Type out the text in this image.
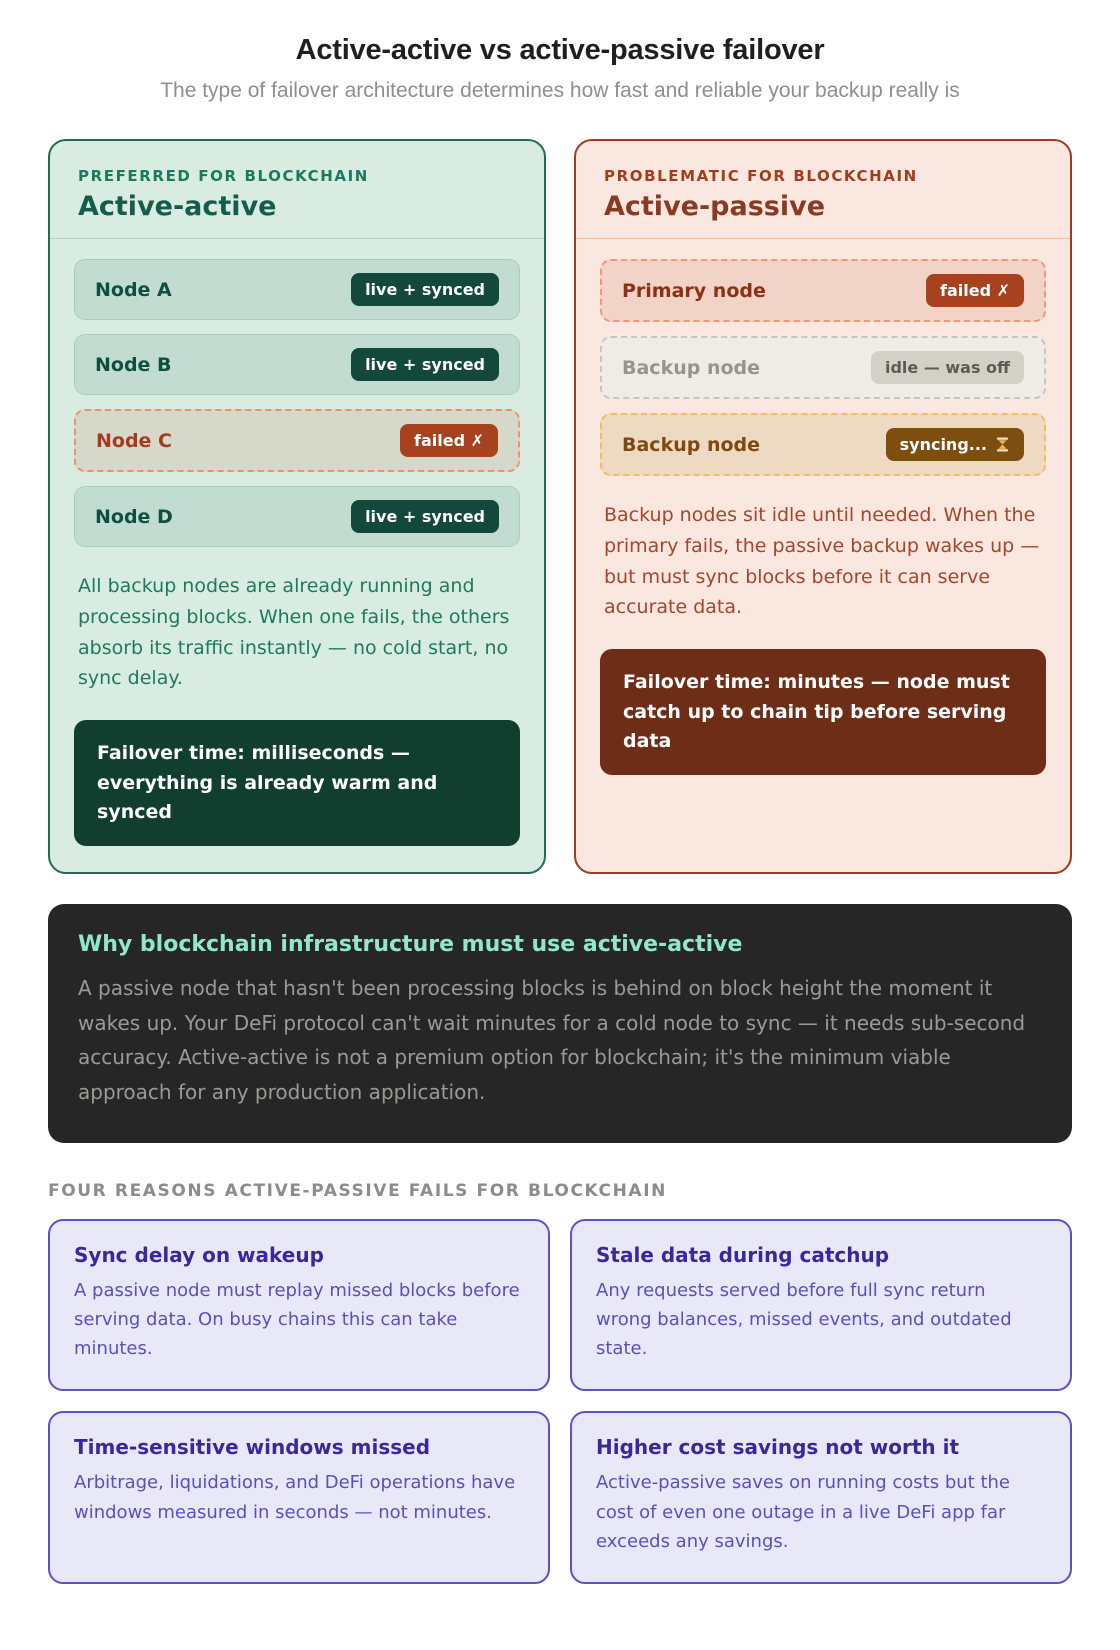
Active-active vs active-passive failover

The type of failover architecture determines how fast and reliable your backup really is

PREFERRED FOR BLOCKCHAIN
Active-active
Node A	live + synced
Node B	live + synced
Node C	failed ✗
Node D	live + synced

All backup nodes are already running and processing blocks. When one fails, the others absorb its traffic instantly — no cold start, no sync delay.

Failover time: milliseconds — everything is already warm and synced
PROBLEMATIC FOR BLOCKCHAIN
Active-passive
Primary node	failed ✗
Backup node	idle — was off
Backup node	syncing...

Backup nodes sit idle until needed. When the primary fails, the passive backup wakes up — but must sync blocks before it can serve accurate data.

Failover time: minutes — node must catch up to chain tip before serving data
Why blockchain infrastructure must use active-active

A passive node that hasn't been processing blocks is behind on block height the moment it wakes up. Your DeFi protocol can't wait minutes for a cold node to sync — it needs sub-second accuracy. Active-active is not a premium option for blockchain; it's the minimum viable approach for any production application.

FOUR REASONS ACTIVE-PASSIVE FAILS FOR BLOCKCHAIN
Sync delay on wakeup

A passive node must replay missed blocks before serving data. On busy chains this can take minutes.

Stale data during catchup

Any requests served before full sync return wrong balances, missed events, and outdated state.

Time-sensitive windows missed

Arbitrage, liquidations, and DeFi operations have windows measured in seconds — not minutes.

Higher cost savings not worth it

Active-passive saves on running costs but the cost of even one outage in a live DeFi app far exceeds any savings.
